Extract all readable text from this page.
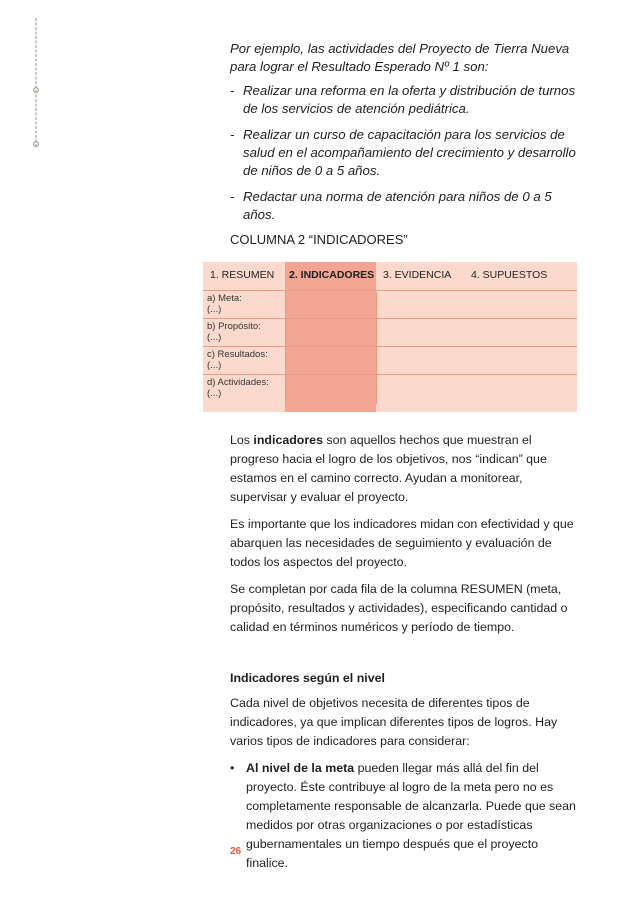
Por ejemplo, las actividades del Proyecto de Tierra Nueva para lograr el Resultado Esperado Nº 1 son:

- Realizar una reforma en la oferta y distribución de turnos de los servicios de atención pediátrica.
- Realizar un curso de capacitación para los servicios de salud en el acompañamiento del crecimiento y desarrollo de niños de 0 a 5 años.
- Redactar una norma de atención para niños de 0 a 5 años.
COLUMNA 2 “INDICADORES”
1. RESUMEN 2. INDICADORES 3. EVIDENCIA 4. SUPUESTOS
a) Meta:
(...)
b) Propósito:
(...)
c) Resultados:
(...)
d) Actividades:
(...)

Los indicadores son aquellos hechos que muestran el progreso hacia el logro de los objetivos, nos “indican” que estamos en el camino correcto. Ayudan a monitorear, supervisar y evaluar el proyecto.

Es importante que los indicadores midan con efectividad y que abarquen las necesidades de seguimiento y evaluación de todos los aspectos del proyecto.

Se completan por cada fila de la columna RESUMEN (meta, propósito, resultados y actividades), especificando cantidad o calidad en términos numéricos y período de tiempo.

Indicadores según el nivel

Cada nivel de objetivos necesita de diferentes tipos de indicadores, ya que implican diferentes tipos de logros. Hay varios tipos de indicadores para considerar:

• Al nivel de la meta pueden llegar más allá del fin del proyecto. Éste contribuye al logro de la meta pero no es completamente responsable de alcanzarla. Puede que sean medidos por otras organizaciones o por estadísticas gubernamentales un tiempo después que el proyecto finalice.
26
